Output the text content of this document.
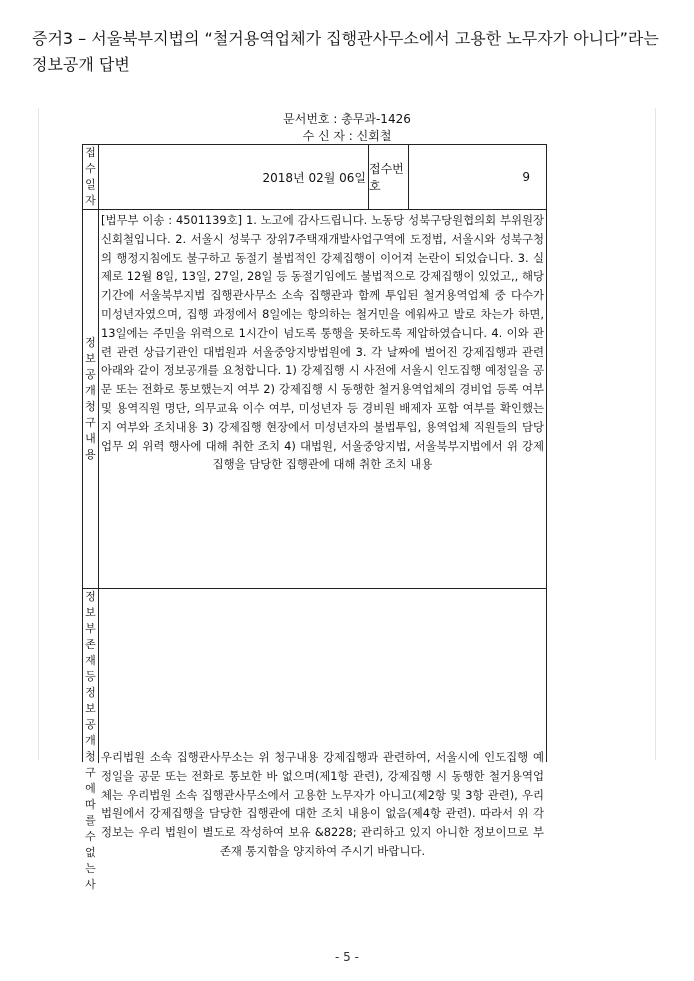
증거3 – 서울북부지법의 “철거용역업체가 집행관사무소에서 고용한 노무자가 아니다”라는 정보공개 답변
문서번호 : 총무과-1426
수 신 자 : 신회철
접
수
일
자
2018년 02월 06일
접수번호
9
정
보
공
개
청
구
내
용
[법무부 이송 : 4501139호] 1. 노고에 감사드립니다. 노동당 성북구당원협의회 부위원장 신회철입니다. 2. 서울시 성북구 장위7주택재개발사업구역에 도정법, 서울시와 성북구청의 행정지침에도 불구하고 동절기 불법적인 강제집행이 이어져 논란이 되었습니다. 3. 실제로 12월 8일, 13일, 27일, 28일 등 동절기임에도 불법적으로 강제집행이 있었고,, 해당 기간에 서울북부지법 집행관사무소 소속 집행관과 함께 투입된 철거용역업체 중 다수가 미성년자였으며, 집행 과정에서 8일에는 항의하는 철거민을 에워싸고 발로 차는가 하면, 13일에는 주민을 위력으로 1시간이 넘도록 통행을 못하도록 제압하였습니다. 4. 이와 관련 관련 상급기관인 대법원과 서울중앙지방법원에 3. 각 날짜에 벌어진 강제집행과 관련 아래와 같이 정보공개를 요청합니다. 1) 강제집행 시 사전에 서울시 인도집행 예정일을 공문 또는 전화로 통보했는지 여부 2) 강제집행 시 동행한 철거용역업체의 경비업 등록 여부 및 용역직원 명단, 의무교육 이수 여부, 미성년자 등 경비원 배제자 포함 여부를 확인했는지 여부와 조치내용 3) 강제집행 현장에서 미성년자의 불법투입, 용역업체 직원들의 담당업무 외 위력 행사에 대해 취한 조치 4) 대법원, 서울중앙지법, 서울북부지법에서 위 강제집행을 담당한 집행관에 대해 취한 조치 내용
정
보
부
존
재
등
정
보
공
개
청
구
에
따
를
수
없
는
사
우리법원 소속 집행관사무소는 위 청구내용 강제집행과 관련하여, 서울시에 인도집행 예정일을 공문 또는 전화로 통보한 바 없으며(제1항 관련), 강제집행 시 동행한 철거용역업체는 우리법원 소속 집행관사무소에서 고용한 노무자가 아니고(제2항 및 3항 관련), 우리법원에서 강제집행을 담당한 집행관에 대한 조치 내용이 없음(제4항 관련). 따라서 위 각 정보는 우리 법원이 별도로 작성하여 보유 &8228; 관리하고 있지 아니한 정보이므로 부존재 통지함을 양지하여 주시기 바랍니다.
- 5 -
